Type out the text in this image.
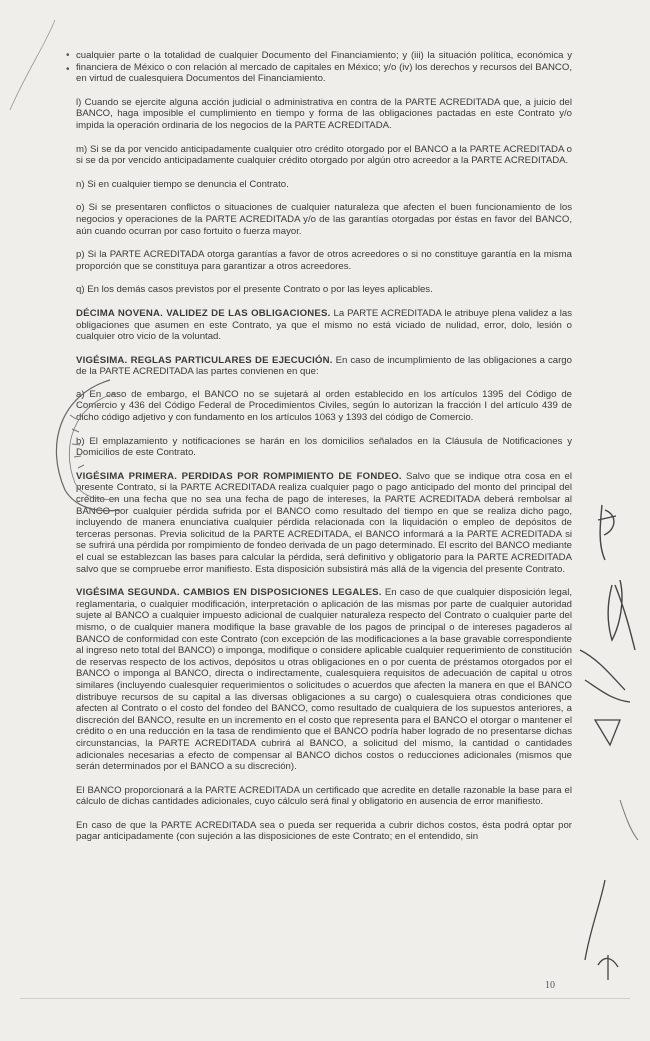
cualquier parte o la totalidad de cualquier Documento del Financiamiento; y (iii) la situación política, económica y financiera de México o con relación al mercado de capitales en México; y/o (iv) los derechos y recursos del BANCO, en virtud de cualesquiera Documentos del Financiamiento.

l) Cuando se ejercite alguna acción judicial o administrativa en contra de la PARTE ACREDITADA que, a juicio del BANCO, haga imposible el cumplimiento en tiempo y forma de las obligaciones pactadas en este Contrato y/o impida la operación ordinaria de los negocios de la PARTE ACREDITADA.

m) Si se da por vencido anticipadamente cualquier otro crédito otorgado por el BANCO a la PARTE ACREDITADA o si se da por vencido anticipadamente cualquier crédito otorgado por algún otro acreedor a la PARTE ACREDITADA.

n) Si en cualquier tiempo se denuncia el Contrato.

o) Si se presentaren conflictos o situaciones de cualquier naturaleza que afecten el buen funcionamiento de los negocios y operaciones de la PARTE ACREDITADA y/o de las garantías otorgadas por éstas en favor del BANCO, aún cuando ocurran por caso fortuito o fuerza mayor.

p) Si la PARTE ACREDITADA otorga garantías a favor de otros acreedores o si no constituye garantía en la misma proporción que se constituya para garantizar a otros acreedores.

q) En los demás casos previstos por el presente Contrato o por las leyes aplicables.

DÉCIMA NOVENA. VALIDEZ DE LAS OBLIGACIONES. La PARTE ACREDITADA le atribuye plena validez a las obligaciones que asumen en este Contrato, ya que el mismo no está viciado de nulidad, error, dolo, lesión o cualquier otro vicio de la voluntad.

VIGÉSIMA. REGLAS PARTICULARES DE EJECUCIÓN. En caso de incumplimiento de las obligaciones a cargo de la PARTE ACREDITADA las partes convienen en que:

a) En caso de embargo, el BANCO no se sujetará al orden establecido en los artículos 1395 del Código de Comercio y 436 del Código Federal de Procedimientos Civiles, según lo autorizan la fracción I del artículo 439 de dicho código adjetivo y con fundamento en los artículos 1063 y 1393 del código de Comercio.

b) El emplazamiento y notificaciones se harán en los domicilios señalados en la Cláusula de Notificaciones y Domicilios de este Contrato.

VIGÉSIMA PRIMERA. PERDIDAS POR ROMPIMIENTO DE FONDEO. Salvo que se indique otra cosa en el presente Contrato, si la PARTE ACREDITADA realiza cualquier pago o pago anticipado del monto del principal del crédito en una fecha que no sea una fecha de pago de intereses, la PARTE ACREDITADA deberá rembolsar al BANCO por cualquier pérdida sufrida por el BANCO como resultado del tiempo en que se realiza dicho pago, incluyendo de manera enunciativa cualquier pérdida relacionada con la liquidación o empleo de depósitos de terceras personas. Previa solicitud de la PARTE ACREDITADA, el BANCO informará a la PARTE ACREDITADA si se sufrirá una pérdida por rompimiento de fondeo derivada de un pago determinado. El escrito del BANCO mediante el cual se establezcan las bases para calcular la pérdida, será definitivo y obligatorio para la PARTE ACREDITADA salvo que se compruebe error manifiesto. Esta disposición subsistirá más allá de la vigencia del presente Contrato.

VIGÉSIMA SEGUNDA. CAMBIOS EN DISPOSICIONES LEGALES. En caso de que cualquier disposición legal, reglamentaria, o cualquier modificación, interpretación o aplicación de las mismas por parte de cualquier autoridad sujete al BANCO a cualquier impuesto adicional de cualquier naturaleza respecto del Contrato o cualquier parte del mismo, o de cualquier manera modifique la base gravable de los pagos de principal o de intereses pagaderos al BANCO de conformidad con este Contrato (con excepción de las modificaciones a la base gravable correspondiente al ingreso neto total del BANCO) o imponga, modifique o considere aplicable cualquier requerimiento de constitución de reservas respecto de los activos, depósitos u otras obligaciones en o por cuenta de préstamos otorgados por el BANCO o imponga al BANCO, directa o indirectamente, cualesquiera requisitos de adecuación de capital u otros similares (incluyendo cualesquier requerimientos o solicitudes o acuerdos que afecten la manera en que el BANCO distribuye recursos de su capital a las diversas obligaciones a su cargo) o cualesquiera otras condiciones que afecten al Contrato o el costo del fondeo del BANCO, como resultado de cualquiera de los supuestos anteriores, a discreción del BANCO, resulte en un incremento en el costo que representa para el BANCO el otorgar o mantener el crédito o en una reducción en la tasa de rendimiento que el BANCO podría haber logrado de no presentarse dichas circunstancias, la PARTE ACREDITADA cubrirá al BANCO, a solicitud del mismo, la cantidad o cantidades adicionales necesarias a efecto de compensar al BANCO dichos costos o reducciones adicionales (mismos que serán determinados por el BANCO a su discreción).

El BANCO proporcionará a la PARTE ACREDITADA un certificado que acredite en detalle razonable la base para el cálculo de dichas cantidades adicionales, cuyo cálculo será final y obligatorio en ausencia de error manifiesto.

En caso de que la PARTE ACREDITADA sea o pueda ser requerida a cubrir dichos costos, ésta podrá optar por pagar anticipadamente (con sujeción a las disposiciones de este Contrato; en el entendido, sin

•
•
10
